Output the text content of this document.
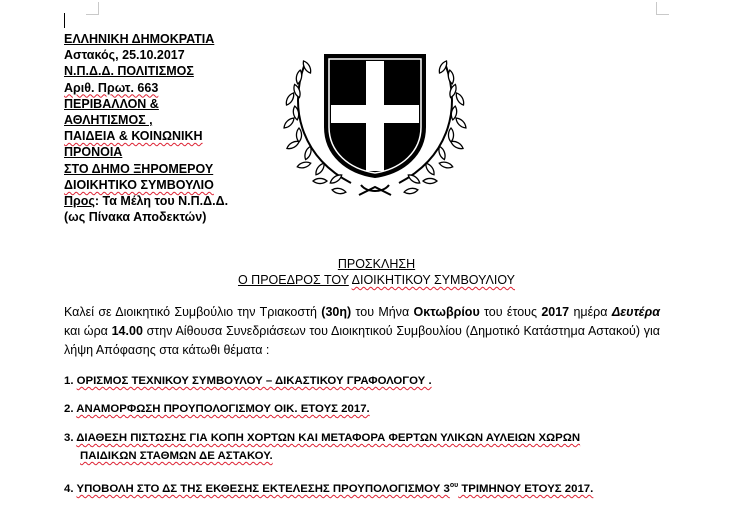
ΕΛΛΗΝΙΚΗ ΔΗΜΟΚΡΑΤΙΑ
Αστακός, 25.10.2017
Ν.Π.Δ.Δ. ΠΟΛΙΤΙΣΜΟΣ
Αριθ. Πρωτ. 663
ΠΕΡΙΒΑΛΛΟΝ &
ΑΘΛΗΤΙΣΜΟΣ ,
ΠΑΙΔΕΙΑ & ΚΟΙΝΩΝΙΚΗ
ΠΡΟΝΟΙΑ
ΣΤΟ ΔΗΜΟ ΞΗΡΟΜΕΡΟΥ
ΔΙΟΙΚΗΤΙΚΟ ΣΥΜΒΟΥΛΙΟ
Προς: Τα Μέλη του Ν.Π.Δ.Δ.
(ως Πίνακα Αποδεκτών)
ΠΡΟΣΚΛΗΣΗ
Ο ΠΡΟΕΔΡΟΣ ΤΟΥ ΔΙΟΙΚΗΤΙΚΟΥ ΣΥΜΒΟΥΛΙΟΥ
Καλεί σε Διοικητικό Συμβούλιο την Τριακοστή (30η) του Μήνα Οκτωβρίου του έτους 2017 ημέρα Δευτέρα και ώρα 14.00 στην Αίθουσα Συνεδριάσεων του Διοικητικού Συμβουλίου (Δημοτικό Κατάστημα Αστακού) για λήψη Απόφασης στα κάτωθι θέματα :
1. ΟΡΙΣΜΟΣ ΤΕΧΝΙΚΟΥ ΣΥΜΒΟΥΛΟΥ – ΔΙΚΑΣΤΙΚΟΥ ΓΡΑΦΟΛΟΓΟΥ .
2. ΑΝΑΜΟΡΦΩΣΗ ΠΡΟΥΠΟΛΟΓΙΣΜΟΥ ΟΙΚ. ΕΤΟΥΣ 2017.
3. ΔΙΑΘΕΣΗ ΠΙΣΤΩΣΗΣ ΓΙΑ ΚΟΠΗ ΧΟΡΤΩΝ ΚΑΙ ΜΕΤΑΦΟΡΑ ΦΕΡΤΩΝ ΥΛΙΚΩΝ ΑΥΛΕΙΩΝ ΧΩΡΩΝ
ΠΑΙΔΙΚΩΝ ΣΤΑΘΜΩΝ ΔΕ ΑΣΤΑΚΟΥ.
4. ΥΠΟΒΟΛΗ ΣΤΟ ΔΣ ΤΗΣ ΕΚΘΕΣΗΣ ΕΚΤΕΛΕΣΗΣ ΠΡΟΥΠΟΛΟΓΙΣΜΟΥ $3^{o\upsilon}$ ΤΡΙΜΗΝΟΥ ΕΤΟΥΣ 2017.
